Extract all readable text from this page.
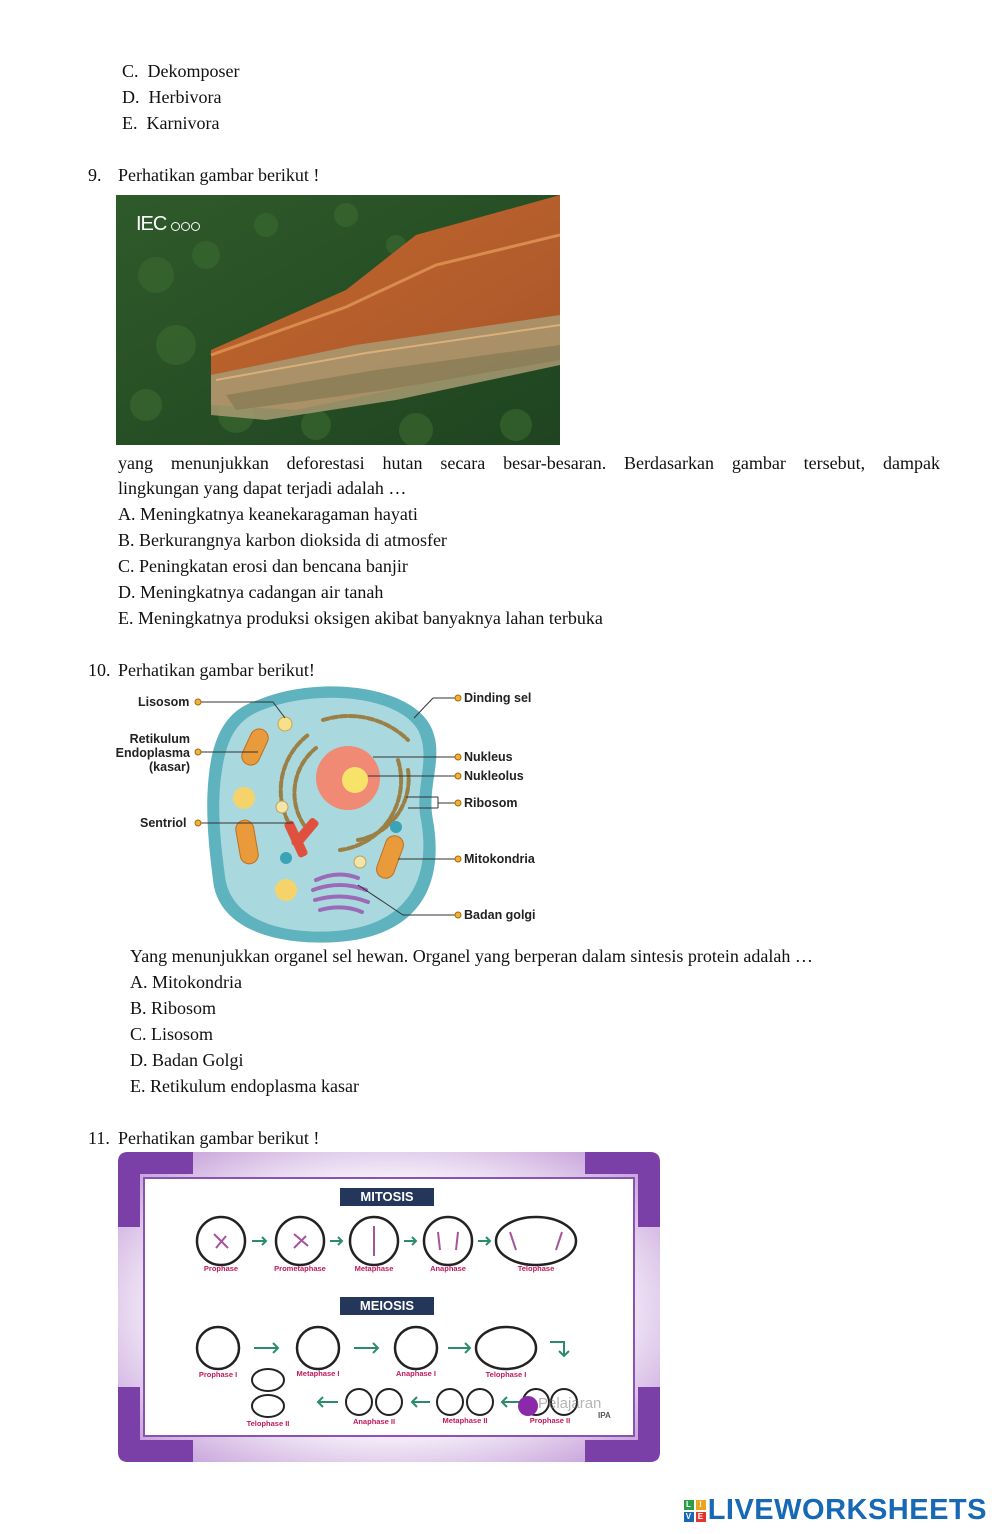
C. Dekomposer
D. Herbivora
E. Karnivora
9. Perhatikan gambar berikut !
IEC
yang menunjukkan deforestasi hutan secara besar-besaran. Berdasarkan gambar tersebut, dampak
lingkungan yang dapat terjadi adalah …
A. Meningkatnya keanekaragaman hayati
B. Berkurangnya karbon dioksida di atmosfer
C. Peningkatan erosi dan bencana banjir
D. Meningkatnya cadangan air tanah
E. Meningkatnya produksi oksigen akibat banyaknya lahan terbuka
10. Perhatikan gambar berikut!
Lisosom
Retikulum
Endoplasma
(kasar)
Sentriol
Dinding sel
Nukleus
Nukleolus
Ribosom
Mitokondria
Badan golgi
Yang menunjukkan organel sel hewan. Organel yang berperan dalam sintesis protein adalah …
A. Mitokondria
B. Ribosom
C. Lisosom
D. Badan Golgi
E. Retikulum endoplasma kasar
11. Perhatikan gambar berikut !
Prophase	Prometaphase	Metaphase	Anaphase	Telophase
Prophase I	Metaphase I	Anaphase I	Telophase I
Telophase II	Anaphase II	Metaphase II	Prophase II
MITOSIS
MEIOSIS
Pelajaran
IPA
L I
V E LIVEWORKSHEETS
